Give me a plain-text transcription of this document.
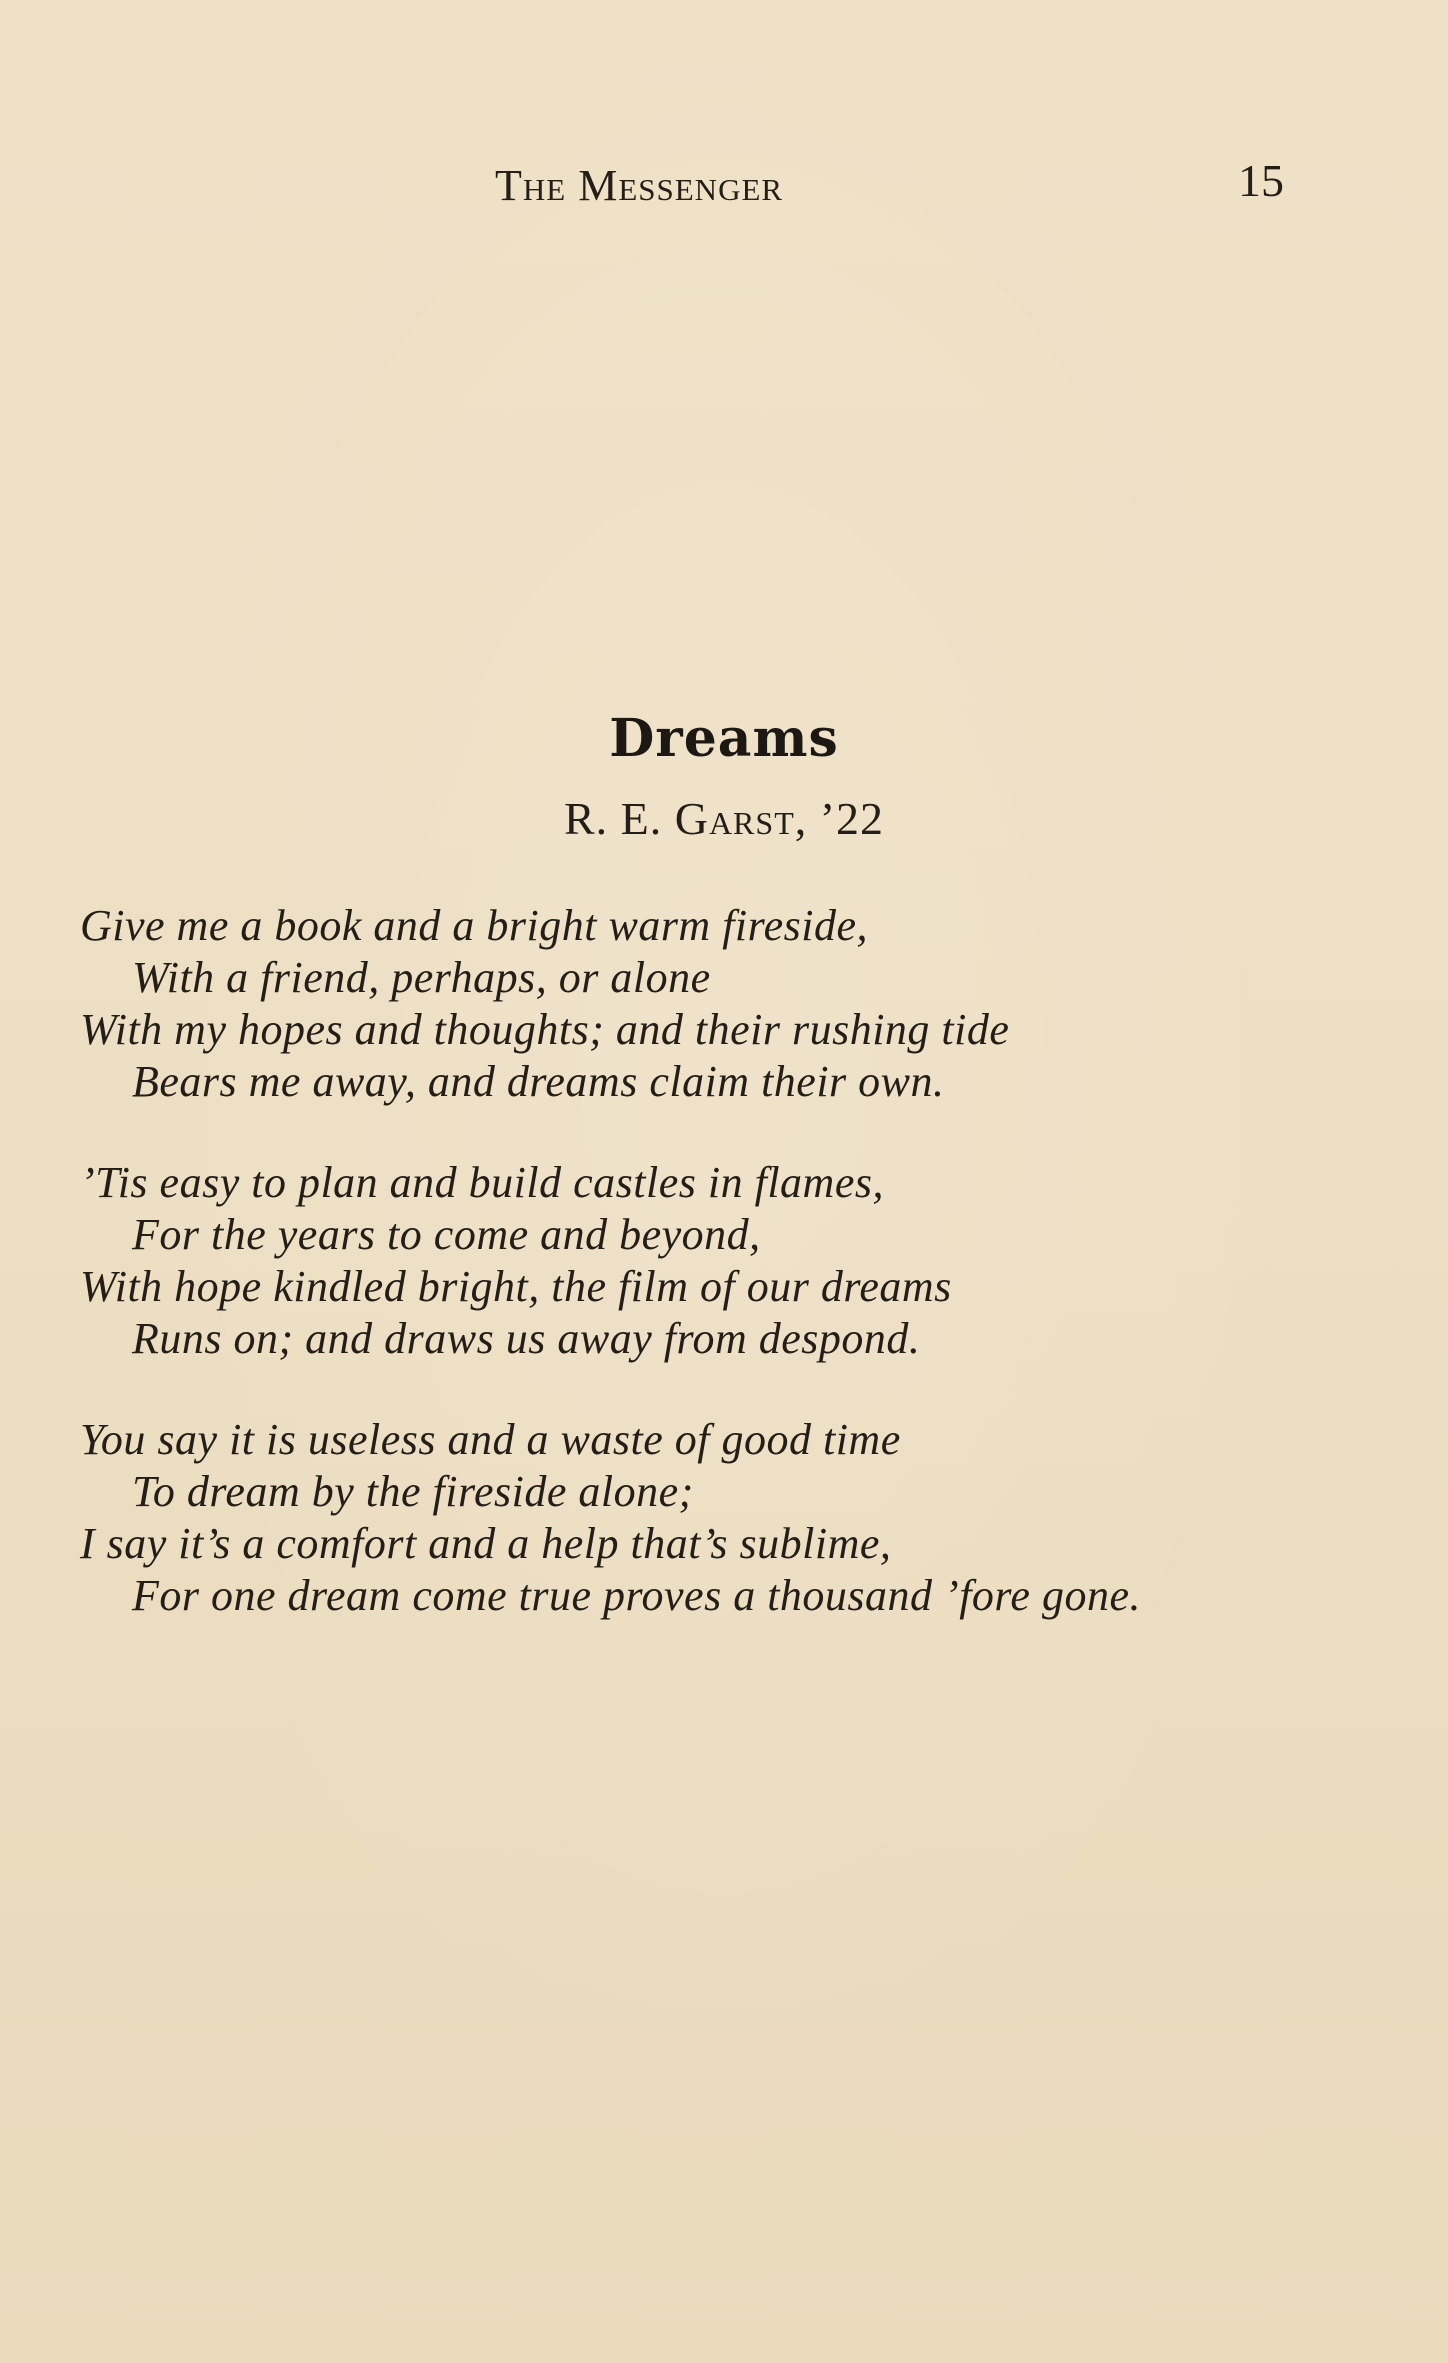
The Messenger	15
Dreams
R. E. Garst, ’22
Give me a book and a bright warm fireside,
With a friend, perhaps, or alone
With my hopes and thoughts; and their rushing tide
Bears me away, and dreams claim their own.
’Tis easy to plan and build castles in flames,
For the years to come and beyond,
With hope kindled bright, the film of our dreams
Runs on; and draws us away from despond.
You say it is useless and a waste of good time
To dream by the fireside alone;
I say it’s a comfort and a help that’s sublime,
For one dream come true proves a thousand ’fore gone.
